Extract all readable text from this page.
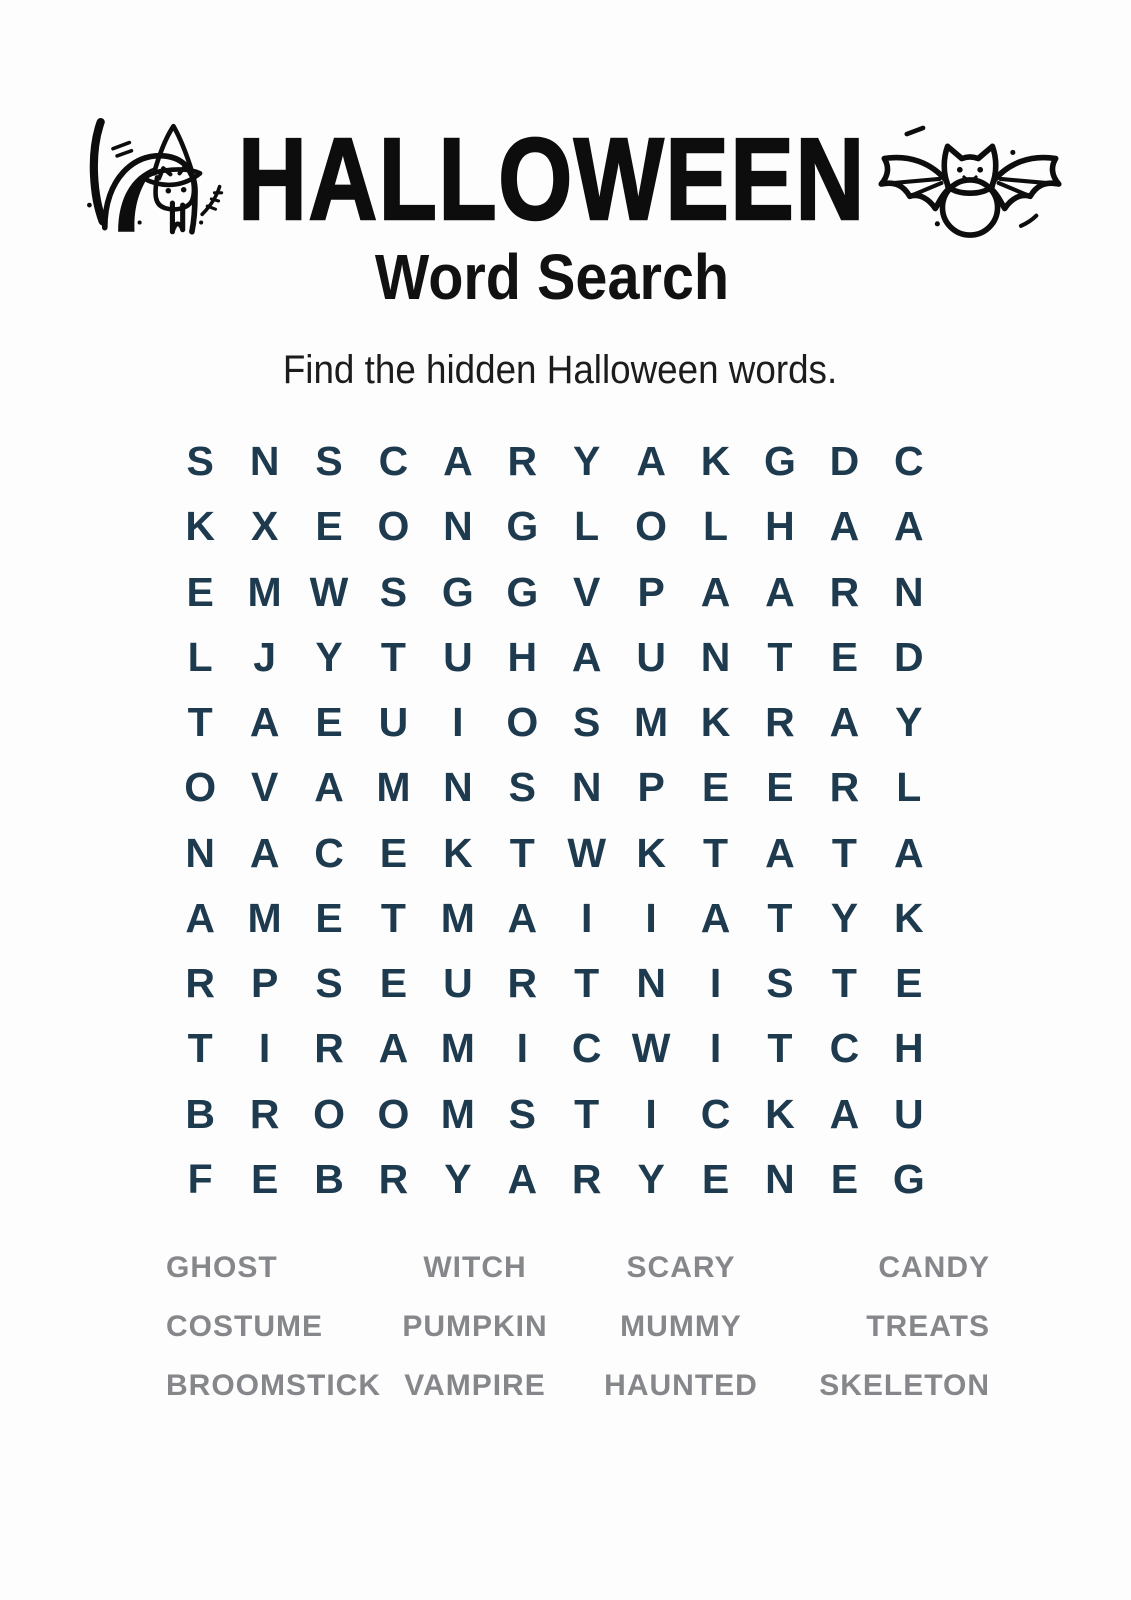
HALLOWEEN
Word Search

Find the hidden Halloween words.

S N S C A R Y A K G D C
K X E O N G L O L H A A
E M W S G G V P A A R N
L J Y T U H A U N T E D
T A E U	I	O S M K R A Y
O V A M N S N P E E R L
N A C E K T W K T A T A
A M E T M A	I	I	A T Y K
R P S E U R T N	I	S T E
T	I	R A M	I	C W I	T C H
B R O O M S T	I	C K A U
F E B R Y A R Y E N E G
GHOST	WITCH	SCARY	CANDY
COSTUME	PUMPKIN	MUMMY	TREATS
BROOMSTICK VAMPIRE	HAUNTED	SKELETON
